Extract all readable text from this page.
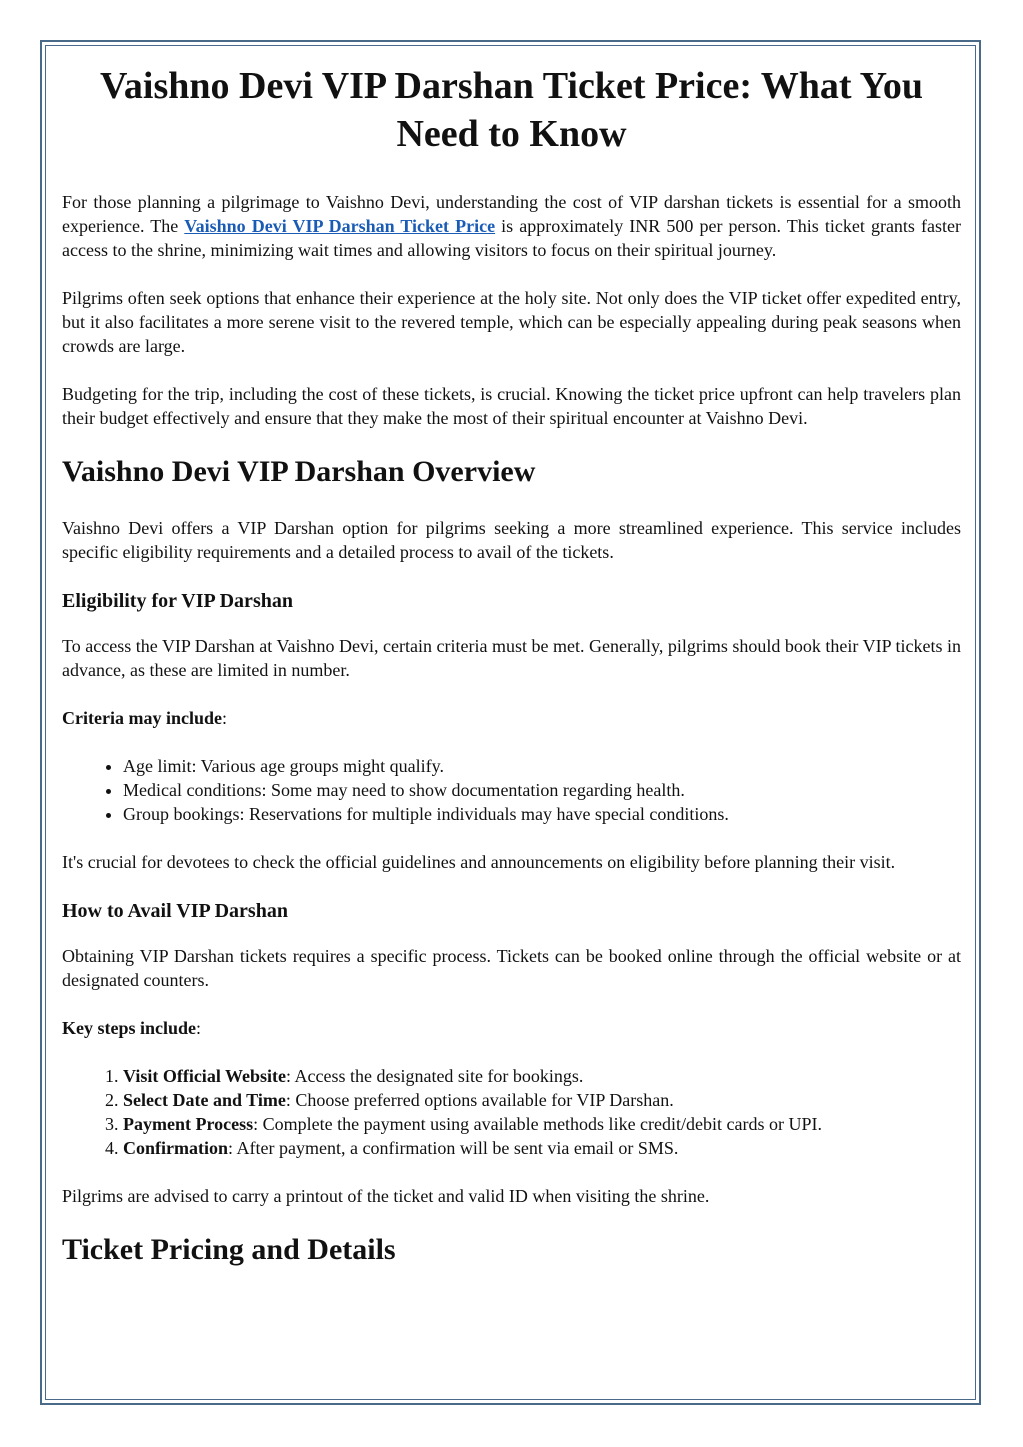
Vaishno Devi VIP Darshan Ticket Price: What You Need to Know

For those planning a pilgrimage to Vaishno Devi, understanding the cost of VIP darshan tickets is essential for a smooth experience. The Vaishno Devi VIP Darshan Ticket Price is approximately INR 500 per person. This ticket grants faster access to the shrine, minimizing wait times and allowing visitors to focus on their spiritual journey.

Pilgrims often seek options that enhance their experience at the holy site. Not only does the VIP ticket offer expedited entry, but it also facilitates a more serene visit to the revered temple, which can be especially appealing during peak seasons when crowds are large.

Budgeting for the trip, including the cost of these tickets, is crucial. Knowing the ticket price upfront can help travelers plan their budget effectively and ensure that they make the most of their spiritual encounter at Vaishno Devi.

Vaishno Devi VIP Darshan Overview

Vaishno Devi offers a VIP Darshan option for pilgrims seeking a more streamlined experience. This service includes specific eligibility requirements and a detailed process to avail of the tickets.

Eligibility for VIP Darshan

To access the VIP Darshan at Vaishno Devi, certain criteria must be met. Generally, pilgrims should book their VIP tickets in advance, as these are limited in number.

Criteria may include:

• Age limit: Various age groups might qualify.
• Medical conditions: Some may need to show documentation regarding health.
• Group bookings: Reservations for multiple individuals may have special conditions.

It's crucial for devotees to check the official guidelines and announcements on eligibility before planning their visit.

How to Avail VIP Darshan

Obtaining VIP Darshan tickets requires a specific process. Tickets can be booked online through the official website or at designated counters.

Key steps include:

1. Visit Official Website: Access the designated site for bookings.
2. Select Date and Time: Choose preferred options available for VIP Darshan.
3. Payment Process: Complete the payment using available methods like credit/debit cards or UPI.
4. Confirmation: After payment, a confirmation will be sent via email or SMS.

Pilgrims are advised to carry a printout of the ticket and valid ID when visiting the shrine.

Ticket Pricing and Details
